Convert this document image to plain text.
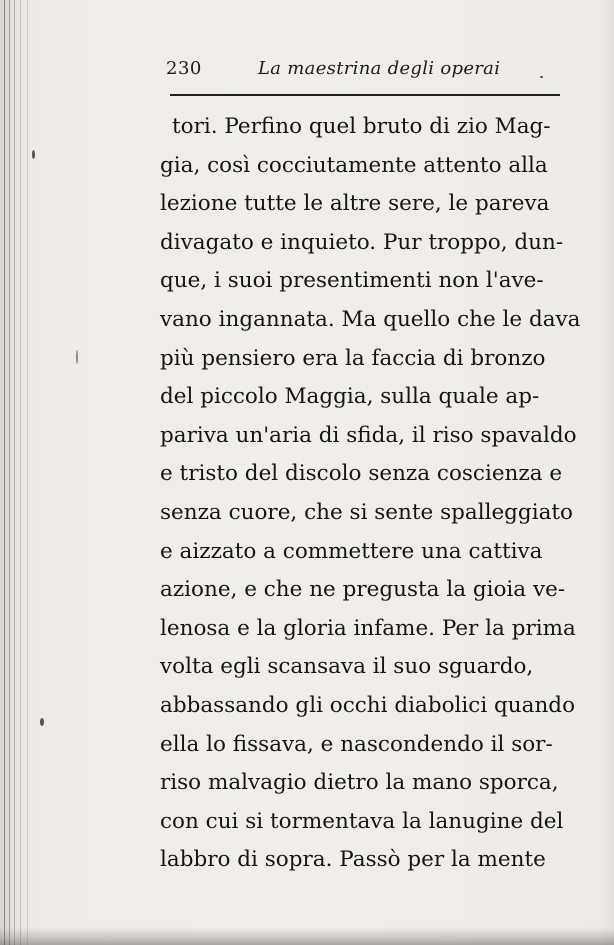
230	La maestrina degli operai
tori. Perfino quel bruto di zio Mag-
gia, così cocciutamente attento alla
lezione tutte le altre sere, le pareva
divagato e inquieto. Pur troppo, dun-
que, i suoi presentimenti non l'ave-
vano ingannata. Ma quello che le dava
più pensiero era la faccia di bronzo
del piccolo Maggia, sulla quale ap-
pariva un'aria di sfida, il riso spavaldo
e tristo del discolo senza coscienza e
senza cuore, che si sente spalleggiato
e aizzato a commettere una cattiva
azione, e che ne pregusta la gioia ve-
lenosa e la gloria infame. Per la prima
volta egli scansava il suo sguardo,
abbassando gli occhi diabolici quando
ella lo fissava, e nascondendo il sor-
riso malvagio dietro la mano sporca,
con cui si tormentava la lanugine del
labbro di sopra. Passò per la mente
